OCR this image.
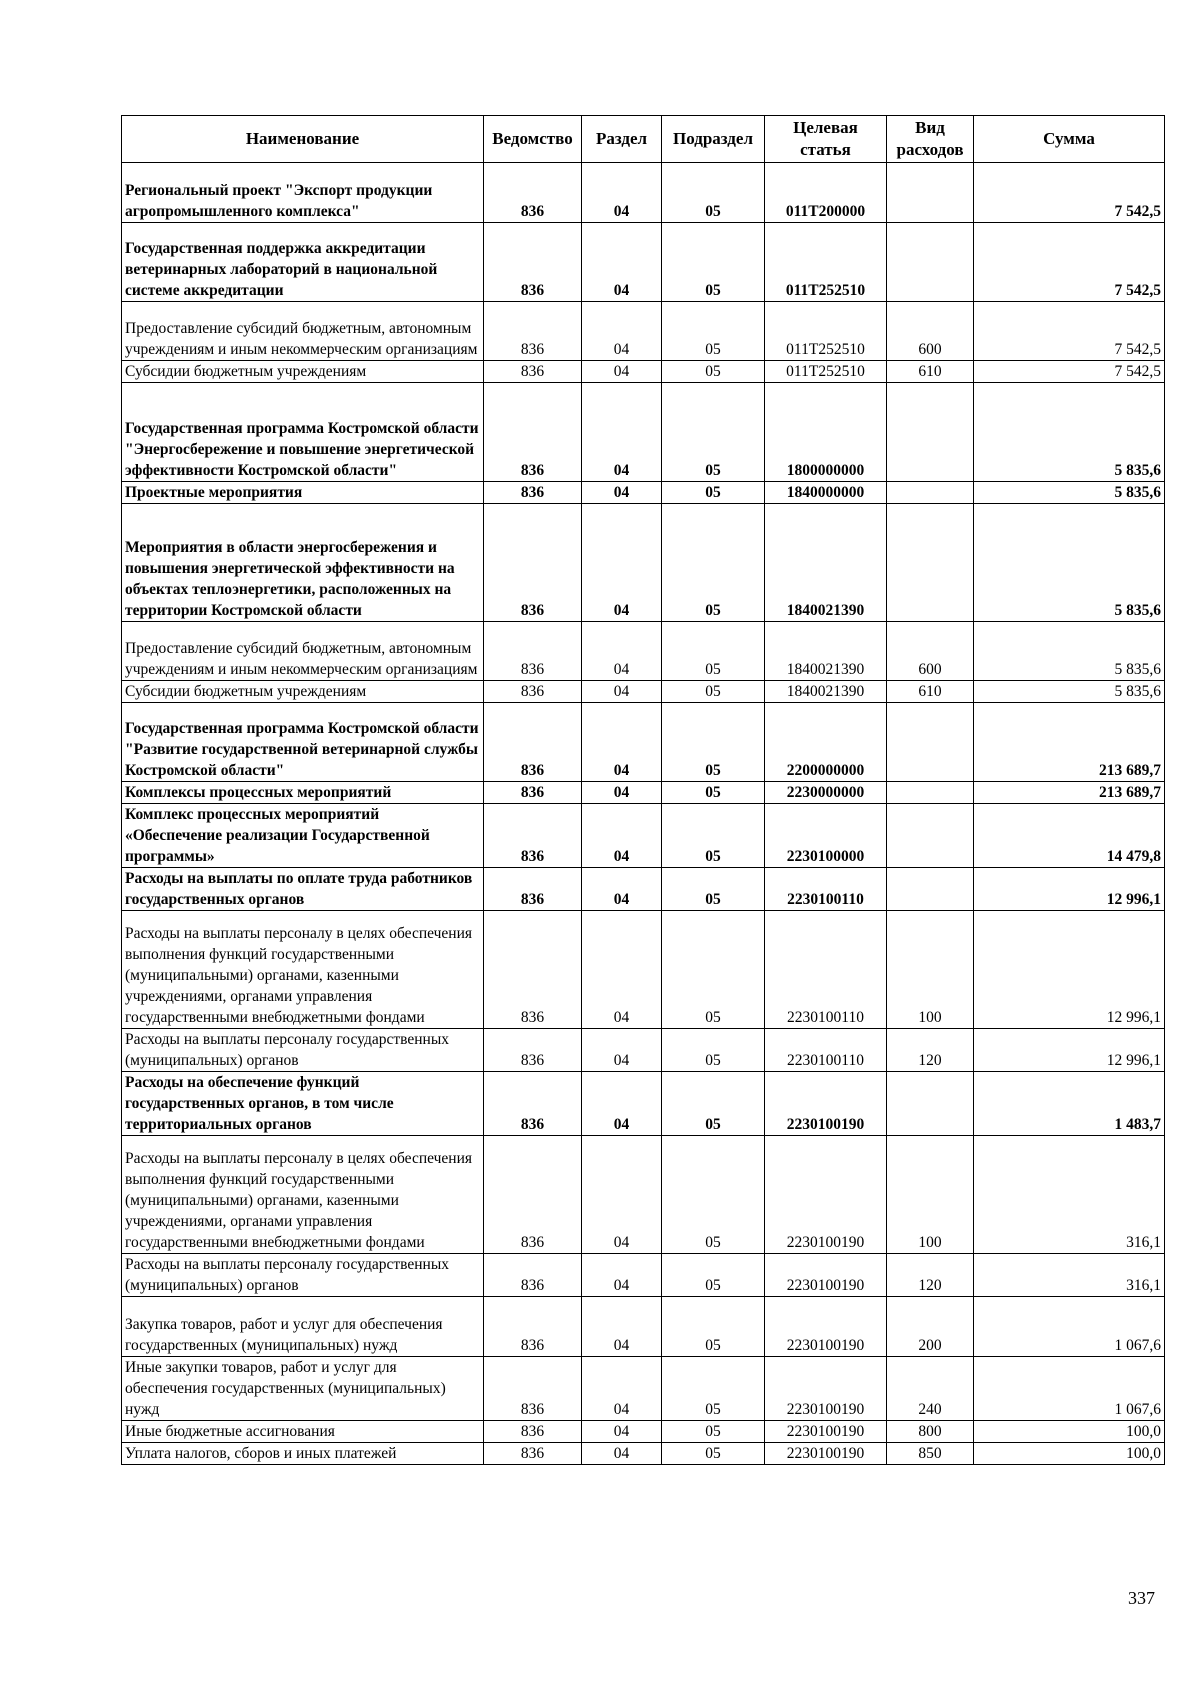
Наименование	Ведомство	Раздел	Подраздел	Целевая статья	Вид расходов	Сумма
Региональный проект "Экспорт продукции агропромышленного комплекса"	836	04	05	011T200000		7 542,5
Государственная поддержка аккредитации ветеринарных лабораторий в национальной системе аккредитации	836	04	05	011T252510		7 542,5
Предоставление субсидий бюджетным, автономным учреждениям и иным некоммерческим организациям	836	04	05	011T252510	600	7 542,5
Субсидии бюджетным учреждениям	836	04	05	011T252510	610	7 542,5
Государственная программа Костромской области "Энергосбережение и повышение энергетической эффективности Костромской области"	836	04	05	1800000000		5 835,6
Проектные мероприятия	836	04	05	1840000000		5 835,6
Мероприятия в области энергосбережения и повышения энергетической эффективности на объектах теплоэнергетики, расположенных на территории Костромской области	836	04	05	1840021390		5 835,6
Предоставление субсидий бюджетным, автономным учреждениям и иным некоммерческим организациям	836	04	05	1840021390	600	5 835,6
Субсидии бюджетным учреждениям	836	04	05	1840021390	610	5 835,6
Государственная программа Костромской области "Развитие государственной ветеринарной службы Костромской области"	836	04	05	2200000000		213 689,7
Комплексы процессных мероприятий	836	04	05	2230000000		213 689,7
Комплекс процессных мероприятий «Обеспечение реализации Государственной программы»	836	04	05	2230100000		14 479,8
Расходы на выплаты по оплате труда работников государственных органов	836	04	05	2230100110		12 996,1
Расходы на выплаты персоналу в целях обеспечения выполнения функций государственными (муниципальными) органами, казенными учреждениями, органами управления государственными внебюджетными фондами	836	04	05	2230100110	100	12 996,1
Расходы на выплаты персоналу государственных (муниципальных) органов	836	04	05	2230100110	120	12 996,1
Расходы на обеспечение функций государственных органов, в том числе территориальных органов	836	04	05	2230100190		1 483,7
Расходы на выплаты персоналу в целях обеспечения выполнения функций государственными (муниципальными) органами, казенными учреждениями, органами управления государственными внебюджетными фондами	836	04	05	2230100190	100	316,1
Расходы на выплаты персоналу государственных (муниципальных) органов	836	04	05	2230100190	120	316,1
Закупка товаров, работ и услуг для обеспечения государственных (муниципальных) нужд	836	04	05	2230100190	200	1 067,6
Иные закупки товаров, работ и услуг для обеспечения государственных (муниципальных) нужд	836	04	05	2230100190	240	1 067,6
Иные бюджетные ассигнования	836	04	05	2230100190	800	100,0
Уплата налогов, сборов и иных платежей	836	04	05	2230100190	850	100,0
337
